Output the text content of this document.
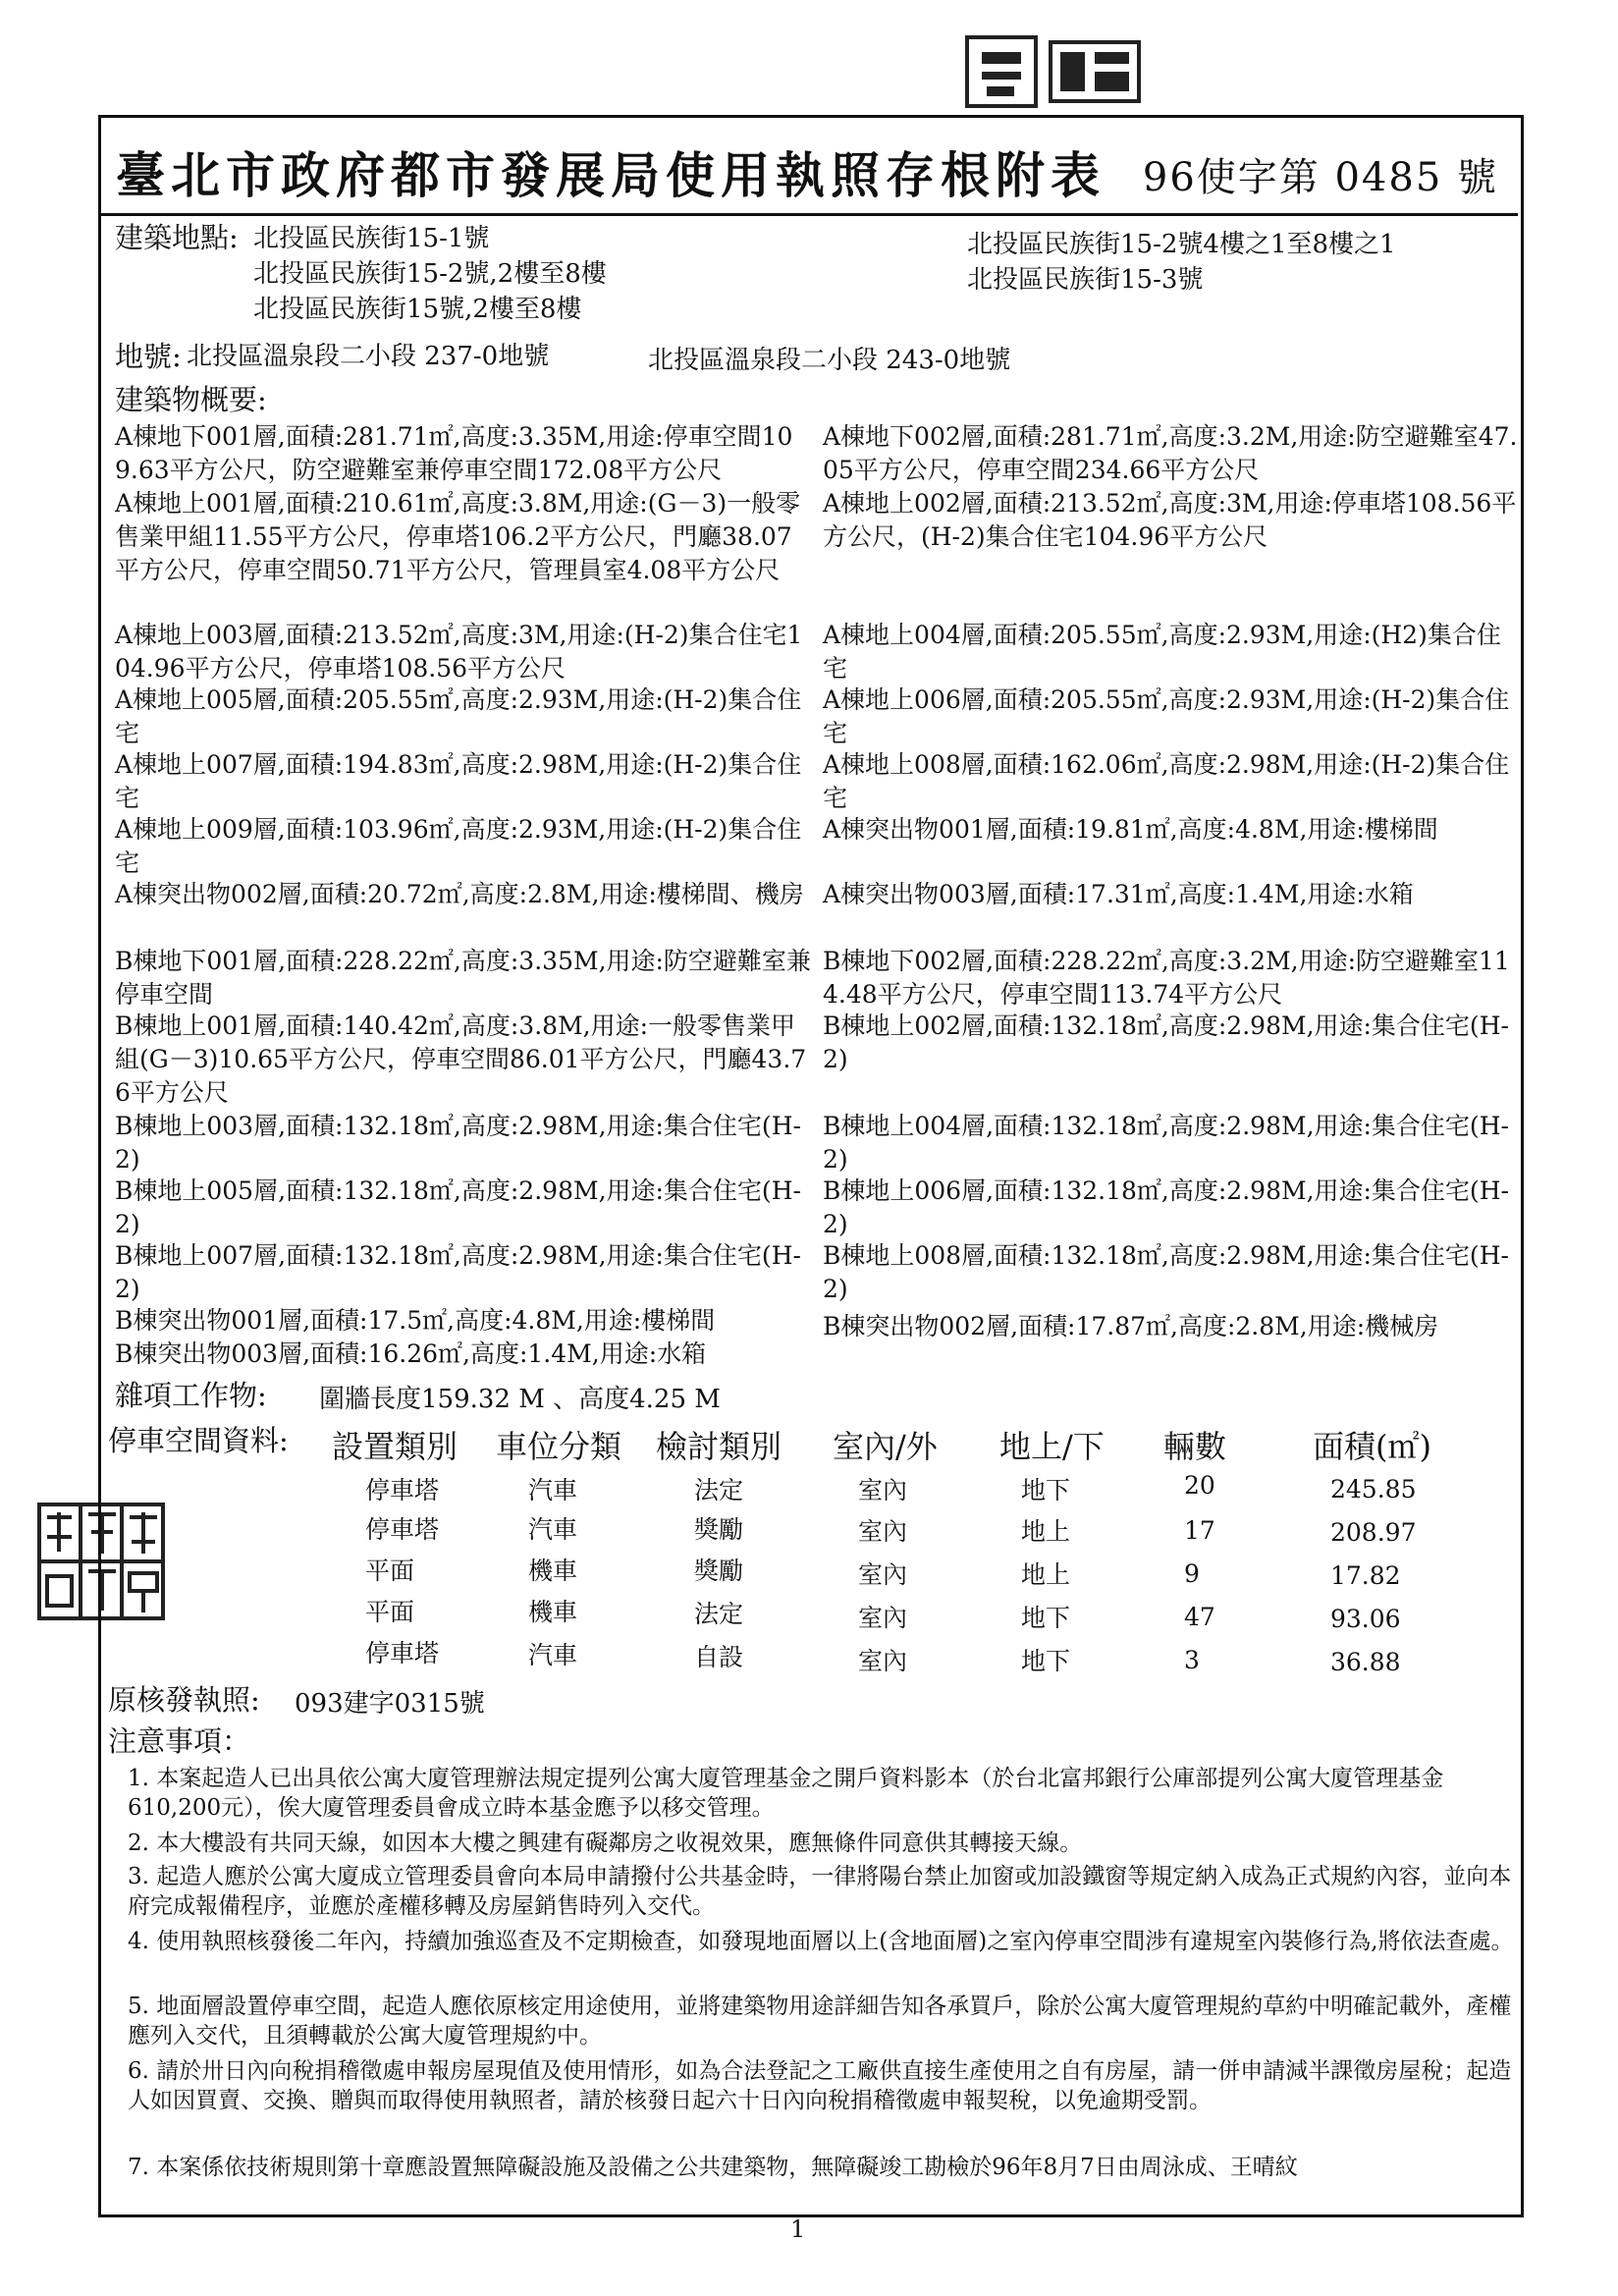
臺北市政府都市發展局使用執照存根附表 96使字第 0485 號
建築地點: 北投區民族街15-1號
北投區民族街15-2號,2樓至8樓
北投區民族街15號,2樓至8樓
北投區民族街15-2號4樓之1至8樓之1
北投區民族街15-3號
地號: 北投區溫泉段二小段 237-0地號	北投區溫泉段二小段 243-0地號
建築物概要:
A棟地下001層,面積:281.71㎡,高度:3.35M,用途:停車空間109.63平方公尺，防空避難室兼停車空間172.08平方公尺
A棟地下002層,面積:281.71㎡,高度:3.2M,用途:防空避難室47.05平方公尺，停車空間234.66平方公尺
A棟地上001層,面積:210.61㎡,高度:3.8M,用途:(G－3)一般零售業甲組11.55平方公尺，停車塔106.2平方公尺，門廳38.07平方公尺，停車空間50.71平方公尺，管理員室4.08平方公尺
A棟地上002層,面積:213.52㎡,高度:3M,用途:停車塔108.56平方公尺，(H-2)集合住宅104.96平方公尺
A棟地上003層,面積:213.52㎡,高度:3M,用途:(H-2)集合住宅104.96平方公尺，停車塔108.56平方公尺
A棟地上004層,面積:205.55㎡,高度:2.93M,用途:(H2)集合住宅
A棟地上005層,面積:205.55㎡,高度:2.93M,用途:(H-2)集合住宅
A棟地上006層,面積:205.55㎡,高度:2.93M,用途:(H-2)集合住宅
A棟地上007層,面積:194.83㎡,高度:2.98M,用途:(H-2)集合住宅
A棟地上008層,面積:162.06㎡,高度:2.98M,用途:(H-2)集合住宅
A棟地上009層,面積:103.96㎡,高度:2.93M,用途:(H-2)集合住宅
A棟突出物001層,面積:19.81㎡,高度:4.8M,用途:樓梯間
A棟突出物002層,面積:20.72㎡,高度:2.8M,用途:樓梯間、機房 A棟突出物003層,面積:17.31㎡,高度:1.4M,用途:水箱
B棟地下001層,面積:228.22㎡,高度:3.35M,用途:防空避難室兼停車空間
B棟地下002層,面積:228.22㎡,高度:3.2M,用途:防空避難室114.48平方公尺，停車空間113.74平方公尺
B棟地上001層,面積:140.42㎡,高度:3.8M,用途:一般零售業甲組(G－3)10.65平方公尺，停車空間86.01平方公尺，門廳43.76平方公尺
B棟地上002層,面積:132.18㎡,高度:2.98M,用途:集合住宅(H-2)
B棟地上003層,面積:132.18㎡,高度:2.98M,用途:集合住宅(H-2)
B棟地上004層,面積:132.18㎡,高度:2.98M,用途:集合住宅(H-2)
B棟地上005層,面積:132.18㎡,高度:2.98M,用途:集合住宅(H-2)
B棟地上006層,面積:132.18㎡,高度:2.98M,用途:集合住宅(H-2)
B棟地上007層,面積:132.18㎡,高度:2.98M,用途:集合住宅(H-2)
B棟地上008層,面積:132.18㎡,高度:2.98M,用途:集合住宅(H-2)
B棟突出物001層,面積:17.5㎡,高度:4.8M,用途:樓梯間	B棟突出物002層,面積:17.87㎡,高度:2.8M,用途:機械房
B棟突出物003層,面積:16.26㎡,高度:1.4M,用途:水箱
雜項工作物: 圍牆長度159.32 M 、高度4.25 M
停車空間資料: 設置類別 車位分類 檢討類別 室內/外 地上/下 輛數	面積(㎡)
停車塔	汽車	法定	室內	地下	20	245.85
停車塔	汽車	獎勵	室內	地上	17	208.97
平面	機車	獎勵	室內	地上	9	17.82
平面	機車	法定	室內	地下	47	93.06
停車塔	汽車	自設	室內	地下	3	36.88
原核發執照: 093建字0315號
注意事項：
1. 本案起造人已出具依公寓大廈管理辦法規定提列公寓大廈管理基金之開戶資料影本（於台北富邦銀行公庫部提列公寓大廈管理基金610,200元），俟大廈管理委員會成立時本基金應予以移交管理。
2. 本大樓設有共同天線，如因本大樓之興建有礙鄰房之收視效果，應無條件同意供其轉接天線。
3. 起造人應於公寓大廈成立管理委員會向本局申請撥付公共基金時，一律將陽台禁止加窗或加設鐵窗等規定納入成為正式規約內容，並向本府完成報備程序，並應於產權移轉及房屋銷售時列入交代。
4. 使用執照核發後二年內，持續加強巡查及不定期檢查，如發現地面層以上(含地面層)之室內停車空間涉有違規室內裝修行為,將依法查處。
5. 地面層設置停車空間，起造人應依原核定用途使用，並將建築物用途詳細告知各承買戶，除於公寓大廈管理規約草約中明確記載外，產權應列入交代，且須轉載於公寓大廈管理規約中。
6. 請於卅日內向稅捐稽徵處申報房屋現值及使用情形，如為合法登記之工廠供直接生產使用之自有房屋，請一併申請減半課徵房屋稅；起造人如因買賣、交換、贈與而取得使用執照者，請於核發日起六十日內向稅捐稽徵處申報契稅，以免逾期受罰。
7. 本案係依技術規則第十章應設置無障礙設施及設備之公共建築物，無障礙竣工勘檢於96年8月7日由周泳成、王晴紋
1
